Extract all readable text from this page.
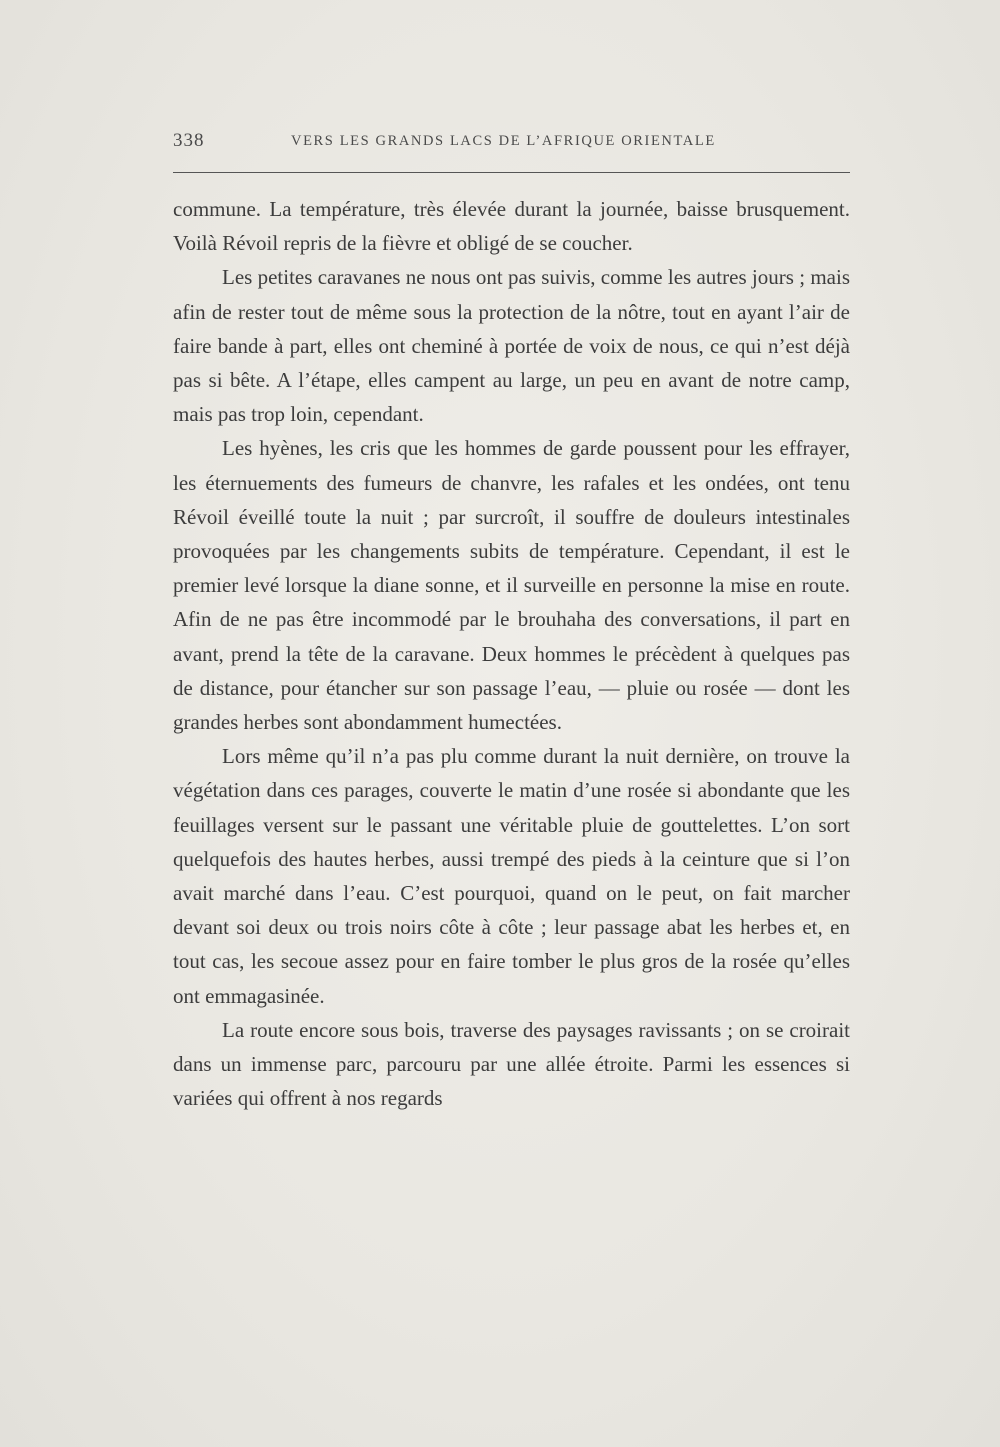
338	VERS LES GRANDS LACS DE L’AFRIQUE ORIENTALE

commune. La température, très élevée durant la journée, baisse brusquement. Voilà Révoil repris de la fièvre et obligé de se coucher.

Les petites caravanes ne nous ont pas suivis, comme les autres jours ; mais afin de rester tout de même sous la protection de la nôtre, tout en ayant l’air de faire bande à part, elles ont cheminé à portée de voix de nous, ce qui n’est déjà pas si bête. A l’étape, elles campent au large, un peu en avant de notre camp, mais pas trop loin, cependant.

Les hyènes, les cris que les hommes de garde poussent pour les effrayer, les éternuements des fumeurs de chanvre, les rafales et les ondées, ont tenu Révoil éveillé toute la nuit ; par surcroît, il souffre de douleurs intestinales provoquées par les changements subits de température. Cependant, il est le premier levé lorsque la diane sonne, et il surveille en personne la mise en route. Afin de ne pas être incommodé par le brouhaha des conversations, il part en avant, prend la tête de la caravane. Deux hommes le précèdent à quelques pas de distance, pour étancher sur son passage l’eau, — pluie ou rosée — dont les grandes herbes sont abondamment humectées.

Lors même qu’il n’a pas plu comme durant la nuit dernière, on trouve la végétation dans ces parages, couverte le matin d’une rosée si abondante que les feuillages versent sur le passant une véritable pluie de gouttelettes. L’on sort quelquefois des hautes herbes, aussi trempé des pieds à la ceinture que si l’on avait marché dans l’eau. C’est pourquoi, quand on le peut, on fait marcher devant soi deux ou trois noirs côte à côte ; leur passage abat les herbes et, en tout cas, les secoue assez pour en faire tomber le plus gros de la rosée qu’elles ont emmagasinée.

La route encore sous bois, traverse des paysages ravissants ; on se croirait dans un immense parc, parcouru par une allée étroite. Parmi les essences si variées qui offrent à nos regards
